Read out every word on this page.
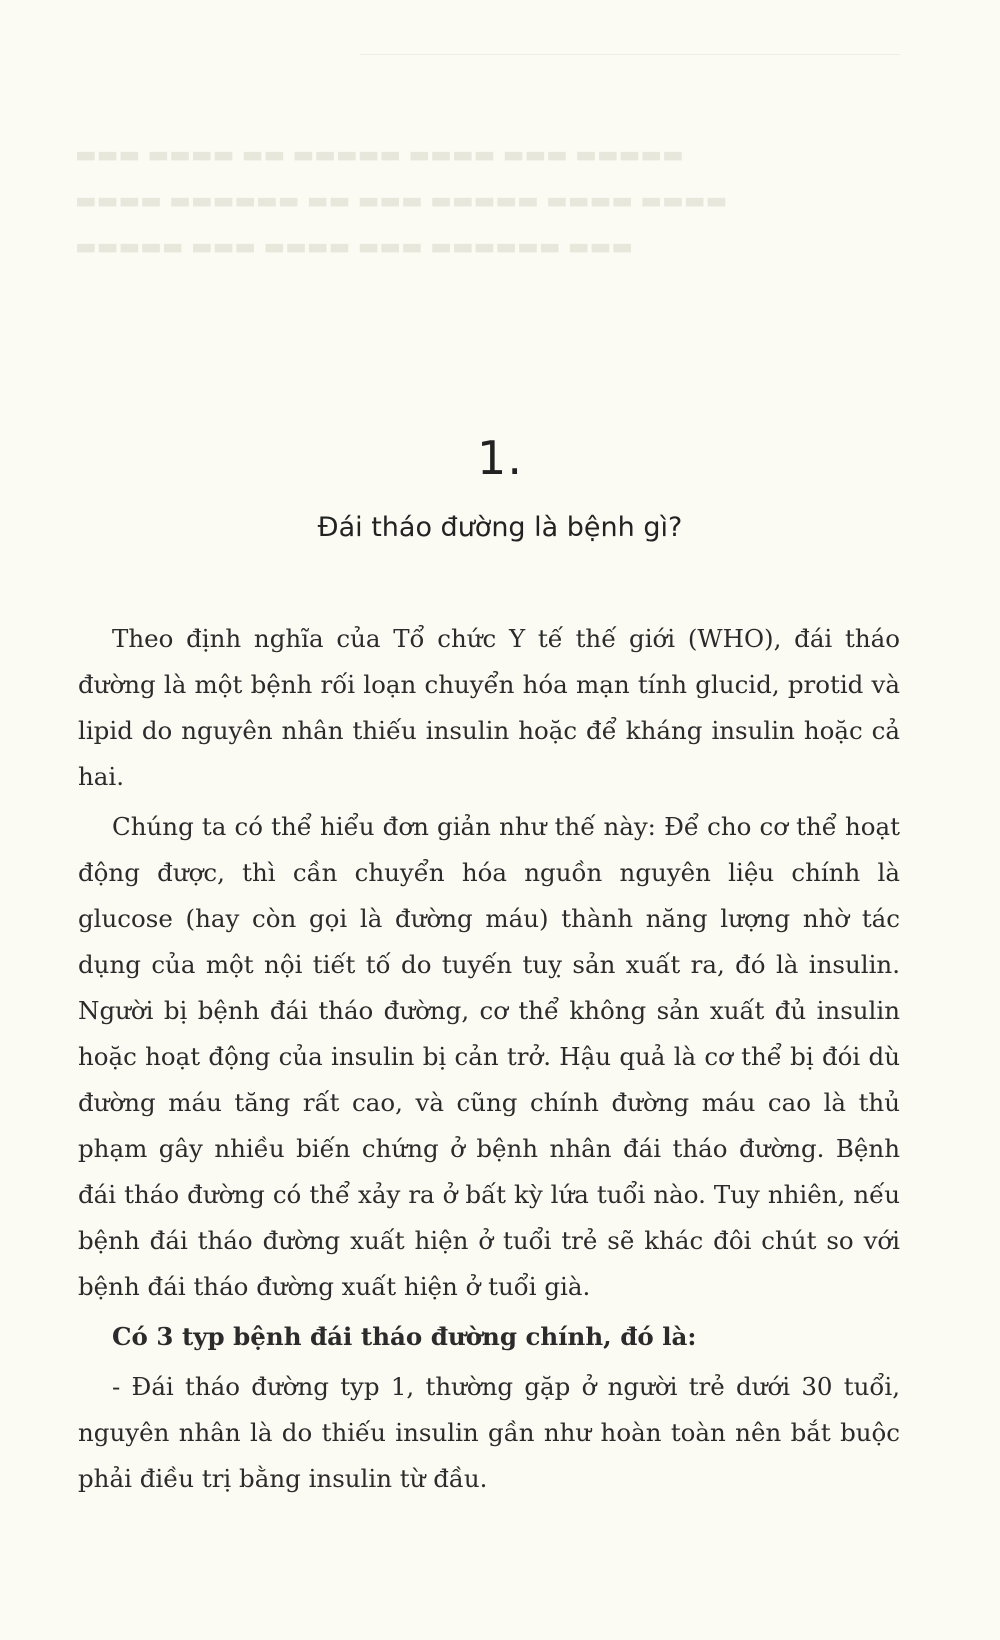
▬▬▬ ▬▬▬▬ ▬▬ ▬▬▬▬▬ ▬▬▬▬ ▬▬▬ ▬▬▬▬▬
▬▬▬▬ ▬▬▬▬▬▬ ▬▬ ▬▬▬ ▬▬▬▬▬ ▬▬▬▬ ▬▬▬▬
▬▬▬▬▬ ▬▬▬ ▬▬▬▬ ▬▬▬ ▬▬▬▬▬▬ ▬▬▬
1.
Đái tháo đường là bệnh gì?

Theo định nghĩa của Tổ chức Y tế thế giới (WHO), đái tháo đường là một bệnh rối loạn chuyển hóa mạn tính glucid, protid và lipid do nguyên nhân thiếu insulin hoặc để kháng insulin hoặc cả hai.

Chúng ta có thể hiểu đơn giản như thế này: Để cho cơ thể hoạt động được, thì cần chuyển hóa nguồn nguyên liệu chính là glucose (hay còn gọi là đường máu) thành năng lượng nhờ tác dụng của một nội tiết tố do tuyến tuỵ sản xuất ra, đó là insulin. Người bị bệnh đái tháo đường, cơ thể không sản xuất đủ insulin hoặc hoạt động của insulin bị cản trở. Hậu quả là cơ thể bị đói dù đường máu tăng rất cao, và cũng chính đường máu cao là thủ phạm gây nhiều biến chứng ở bệnh nhân đái tháo đường. Bệnh đái tháo đường có thể xảy ra ở bất kỳ lứa tuổi nào. Tuy nhiên, nếu bệnh đái tháo đường xuất hiện ở tuổi trẻ sẽ khác đôi chút so với bệnh đái tháo đường xuất hiện ở tuổi già.

Có 3 typ bệnh đái tháo đường chính, đó là:

- Đái tháo đường typ 1, thường gặp ở người trẻ dưới 30 tuổi, nguyên nhân là do thiếu insulin gần như hoàn toàn nên bắt buộc phải điều trị bằng insulin từ đầu.
